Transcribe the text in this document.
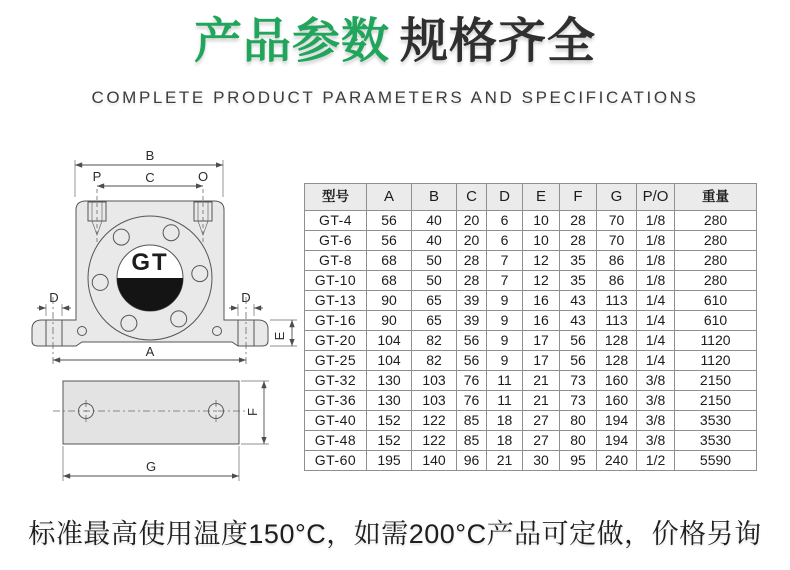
产品参数 规格齐全
COMPLETE PRODUCT PARAMETERS AND SPECIFICATIONS
GT
B
P	C	O
D	D
A
E
F
G
型号	A	B	C	D	E	F	G	P/O	重量
GT-4	56	40	20	6	10	28	70	1/8	280
GT-6	56	40	20	6	10	28	70	1/8	280
GT-8	68	50	28	7	12	35	86	1/8	280
GT-10	68	50	28	7	12	35	86	1/8	280
GT-13	90	65	39	9	16	43	113	1/4	610
GT-16	90	65	39	9	16	43	113	1/4	610
GT-20	104	82	56	9	17	56	128	1/4	1120
GT-25	104	82	56	9	17	56	128	1/4	1120
GT-32	130	103	76	11	21	73	160	3/8	2150
GT-36	130	103	76	11	21	73	160	3/8	2150
GT-40	152	122	85	18	27	80	194	3/8	3530
GT-48	152	122	85	18	27	80	194	3/8	3530
GT-60	195	140	96	21	30	95	240	1/2	5590
标准最高使用温度150°C，如需200°C产品可定做，价格另询
